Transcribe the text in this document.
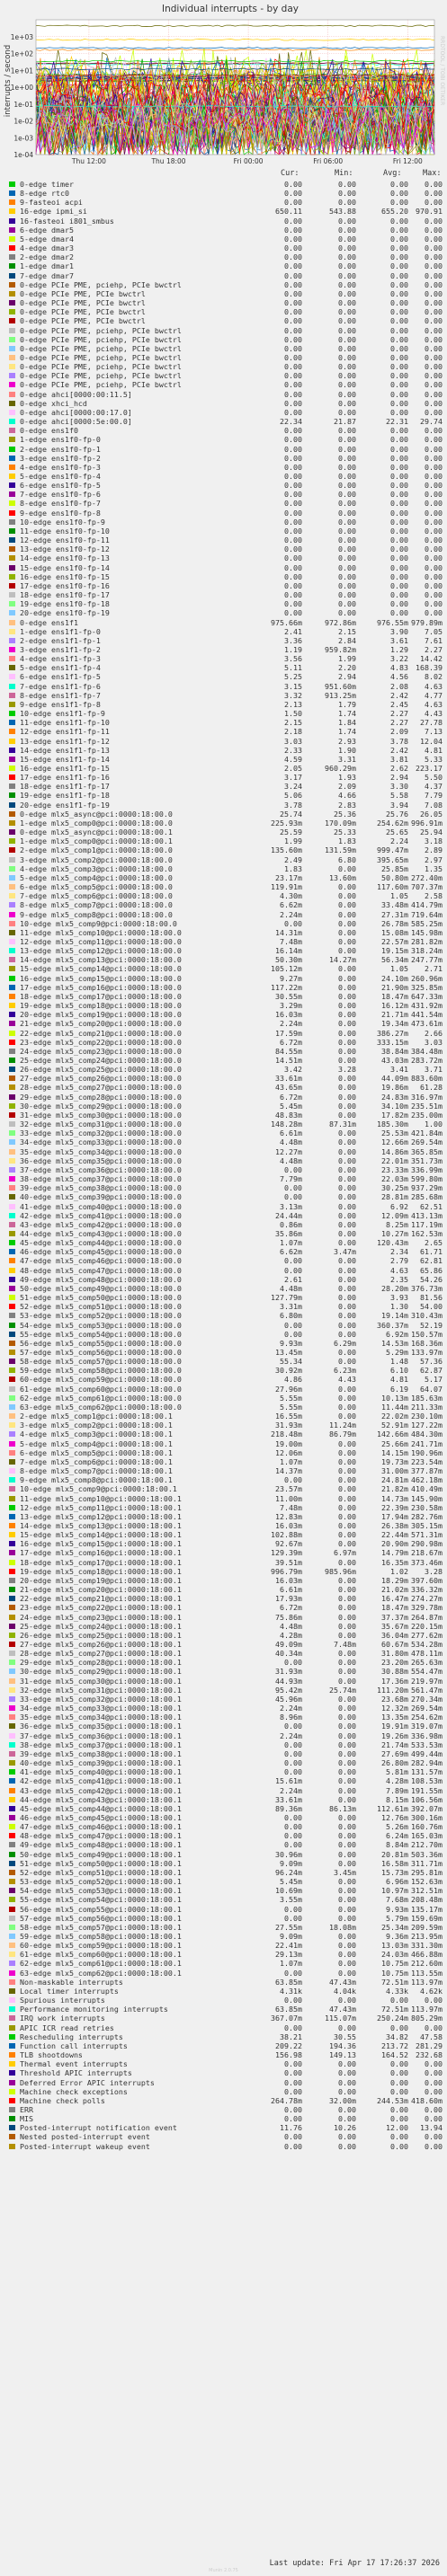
Individual interrupts - by day
interrupts / second
1e+03
1e+02
1e+01
1e+00
1e-01
1e-02
1e-03
1e-04
Thu 12:00	Thu 18:00	Fri 00:00	Fri 06:00	Fri 12:00
RRDTOOL / TOBI OETIKER
Cur:	Min:	Avg:	Max:
0-edge timer	0.00	0.00	0.00	0.00
8-edge rtc0	0.00	0.00	0.00	0.00
9-fasteoi acpi	0.00	0.00	0.00	0.00
16-edge ipmi_si	650.11	543.88	655.20 970.91
16-fasteoi i801_smbus	0.00	0.00	0.00	0.00
6-edge dmar5	0.00	0.00	0.00	0.00
5-edge dmar4	0.00	0.00	0.00	0.00
4-edge dmar3	0.00	0.00	0.00	0.00
2-edge dmar2	0.00	0.00	0.00	0.00
1-edge dmar1	0.00	0.00	0.00	0.00
7-edge dmar7	0.00	0.00	0.00	0.00
0-edge PCIe PME, pciehp, PCIe bwctrl	0.00	0.00	0.00	0.00
0-edge PCIe PME, PCIe bwctrl	0.00	0.00	0.00	0.00
0-edge PCIe PME, PCIe bwctrl	0.00	0.00	0.00	0.00
0-edge PCIe PME, PCIe bwctrl	0.00	0.00	0.00	0.00
0-edge PCIe PME, PCIe bwctrl	0.00	0.00	0.00	0.00
0-edge PCIe PME, pciehp, PCIe bwctrl	0.00	0.00	0.00	0.00
0-edge PCIe PME, pciehp, PCIe bwctrl	0.00	0.00	0.00	0.00
0-edge PCIe PME, pciehp, PCIe bwctrl	0.00	0.00	0.00	0.00
0-edge PCIe PME, pciehp, PCIe bwctrl	0.00	0.00	0.00	0.00
0-edge PCIe PME, pciehp, PCIe bwctrl	0.00	0.00	0.00	0.00
0-edge PCIe PME, pciehp, PCIe bwctrl	0.00	0.00	0.00	0.00
0-edge PCIe PME, pciehp, PCIe bwctrl	0.00	0.00	0.00	0.00
0-edge ahci[0000:00:11.5]	0.00	0.00	0.00	0.00
0-edge xhci_hcd	0.00	0.00	0.00	0.00
0-edge ahci[0000:00:17.0]	0.00	0.00	0.00	0.00
0-edge ahci[0000:5e:00.0]	22.34	21.87	22.31	29.74
0-edge ens1f0	0.00	0.00	0.00	0.00
1-edge ens1f0-fp-0	0.00	0.00	0.00	0.00
2-edge ens1f0-fp-1	0.00	0.00	0.00	0.00
3-edge ens1f0-fp-2	0.00	0.00	0.00	0.00
4-edge ens1f0-fp-3	0.00	0.00	0.00	0.00
5-edge ens1f0-fp-4	0.00	0.00	0.00	0.00
6-edge ens1f0-fp-5	0.00	0.00	0.00	0.00
7-edge ens1f0-fp-6	0.00	0.00	0.00	0.00
8-edge ens1f0-fp-7	0.00	0.00	0.00	0.00
9-edge ens1f0-fp-8	0.00	0.00	0.00	0.00
10-edge ens1f0-fp-9	0.00	0.00	0.00	0.00
11-edge ens1f0-fp-10	0.00	0.00	0.00	0.00
12-edge ens1f0-fp-11	0.00	0.00	0.00	0.00
13-edge ens1f0-fp-12	0.00	0.00	0.00	0.00
14-edge ens1f0-fp-13	0.00	0.00	0.00	0.00
15-edge ens1f0-fp-14	0.00	0.00	0.00	0.00
16-edge ens1f0-fp-15	0.00	0.00	0.00	0.00
17-edge ens1f0-fp-16	0.00	0.00	0.00	0.00
18-edge ens1f0-fp-17	0.00	0.00	0.00	0.00
19-edge ens1f0-fp-18	0.00	0.00	0.00	0.00
20-edge ens1f0-fp-19	0.00	0.00	0.00	0.00
0-edge ens1f1	975.66m	972.86m	976.55m 979.89m
1-edge ens1f1-fp-0	2.41	2.15	3.90	7.05
2-edge ens1f1-fp-1	3.36	2.84	3.61	7.61
3-edge ens1f1-fp-2	1.19	959.82m	1.29	2.27
4-edge ens1f1-fp-3	3.56	1.99	3.22	14.42
5-edge ens1f1-fp-4	5.11	2.20	4.83 168.39
6-edge ens1f1-fp-5	5.25	2.94	4.56	8.02
7-edge ens1f1-fp-6	3.15	951.60m	2.08	4.63
8-edge ens1f1-fp-7	3.32	913.25m	2.42	4.77
9-edge ens1f1-fp-8	2.13	1.79	2.45	4.63
10-edge ens1f1-fp-9	1.50	1.74	2.27	4.43
11-edge ens1f1-fp-10	2.15	1.84	2.27	27.78
12-edge ens1f1-fp-11	2.18	1.74	2.09	7.13
13-edge ens1f1-fp-12	3.03	2.93	3.78	12.04
14-edge ens1f1-fp-13	2.33	1.90	2.42	4.81
15-edge ens1f1-fp-14	4.59	3.31	3.81	5.33
16-edge ens1f1-fp-15	2.05	960.29m	2.62 223.17
17-edge ens1f1-fp-16	3.17	1.93	2.94	5.50
18-edge ens1f1-fp-17	3.24	2.09	3.30	4.37
19-edge ens1f1-fp-18	5.06	4.66	5.58	7.79
20-edge ens1f1-fp-19	3.78	2.83	3.94	7.08
0-edge mlx5_async@pci:0000:18:00.0	25.74	25.36	25.76	26.05
1-edge mlx5_comp0@pci:0000:18:00.0	225.93m	170.09m	254.62m 996.91m
0-edge mlx5_async@pci:0000:18:00.1	25.59	25.33	25.65	25.94
1-edge mlx5_comp0@pci:0000:18:00.1	1.99	1.83	2.24	3.18
2-edge mlx5_comp1@pci:0000:18:00.0	135.60m	131.59m	999.47m	2.89
3-edge mlx5_comp2@pci:0000:18:00.0	2.49	6.80	395.65m	2.97
4-edge mlx5_comp3@pci:0000:18:00.0	1.83	0.00	25.85m	1.35
5-edge mlx5_comp4@pci:0000:18:00.0	23.17m	13.60m	50.80m 272.40m
6-edge mlx5_comp5@pci:0000:18:00.0	119.91m	0.00	117.60m 707.37m
7-edge mlx5_comp6@pci:0000:18:00.0	4.30m	0.00	1.05	2.58
8-edge mlx5_comp7@pci:0000:18:00.0	6.62m	0.00	33.48m 414.79m
9-edge mlx5_comp8@pci:0000:18:00.0	2.24m	0.00	27.31m 719.64m
10-edge mlx5_comp9@pci:0000:18:00.0	0.00	0.00	26.78m 585.25m
11-edge mlx5_comp10@pci:0000:18:00.0	14.31m	0.00	15.08m 145.98m
12-edge mlx5_comp11@pci:0000:18:00.0	7.48m	0.00	22.57m 281.82m
13-edge mlx5_comp12@pci:0000:18:00.0	16.14m	0.00	19.15m 318.24m
14-edge mlx5_comp13@pci:0000:18:00.0	50.30m	14.27m	56.34m 247.77m
15-edge mlx5_comp14@pci:0000:18:00.0	105.12m	0.00	1.05	2.71
16-edge mlx5_comp15@pci:0000:18:00.0	9.27m	0.00	24.10m 260.96m
17-edge mlx5_comp16@pci:0000:18:00.0	117.22m	0.00	21.90m 325.85m
18-edge mlx5_comp17@pci:0000:18:00.0	30.55m	0.00	18.47m 647.33m
19-edge mlx5_comp18@pci:0000:18:00.0	3.29m	0.00	16.12m 431.92m
20-edge mlx5_comp19@pci:0000:18:00.0	16.03m	0.00	21.71m 441.54m
21-edge mlx5_comp20@pci:0000:18:00.0	2.24m	0.00	19.34m 473.61m
22-edge mlx5_comp21@pci:0000:18:00.0	17.59m	0.00	386.27m	2.66
23-edge mlx5_comp22@pci:0000:18:00.0	6.72m	0.00	333.15m	3.03
24-edge mlx5_comp23@pci:0000:18:00.0	84.55m	0.00	38.84m 384.48m
25-edge mlx5_comp24@pci:0000:18:00.0	14.51m	0.00	43.03m 283.72m
26-edge mlx5_comp25@pci:0000:18:00.0	3.42	3.28	3.41	3.71
27-edge mlx5_comp26@pci:0000:18:00.0	33.61m	0.00	44.09m 883.60m
28-edge mlx5_comp27@pci:0000:18:00.0	43.65m	0.00	19.86m	61.28
29-edge mlx5_comp28@pci:0000:18:00.0	6.72m	0.00	24.83m 316.97m
30-edge mlx5_comp29@pci:0000:18:00.0	5.45m	0.00	34.10m 235.51m
31-edge mlx5_comp30@pci:0000:18:00.0	48.83m	0.00	17.82m 235.00m
32-edge mlx5_comp31@pci:0000:18:00.0	148.28m	87.31m	185.30m	1.00
33-edge mlx5_comp32@pci:0000:18:00.0	6.61m	0.00	25.53m 421.84m
34-edge mlx5_comp33@pci:0000:18:00.0	4.48m	0.00	12.66m 269.54m
35-edge mlx5_comp34@pci:0000:18:00.0	12.27m	0.00	14.86m 365.85m
36-edge mlx5_comp35@pci:0000:18:00.0	4.48m	0.00	22.01m 351.73m
37-edge mlx5_comp36@pci:0000:18:00.0	0.00	0.00	23.33m 336.99m
38-edge mlx5_comp37@pci:0000:18:00.0	7.79m	0.00	22.03m 599.80m
39-edge mlx5_comp38@pci:0000:18:00.0	0.00	0.00	30.25m 937.29m
40-edge mlx5_comp39@pci:0000:18:00.0	0.00	0.00	28.81m 285.68m
41-edge mlx5_comp40@pci:0000:18:00.0	3.13m	0.00	6.92	62.51
42-edge mlx5_comp41@pci:0000:18:00.0	24.44m	0.00	12.09m 413.13m
43-edge mlx5_comp42@pci:0000:18:00.0	0.86m	0.00	8.25m 117.19m
44-edge mlx5_comp43@pci:0000:18:00.0	35.86m	0.00	10.27m 162.53m
45-edge mlx5_comp44@pci:0000:18:00.0	1.07m	0.00	120.43m	2.65
46-edge mlx5_comp45@pci:0000:18:00.0	6.62m	3.47m	2.34	61.71
47-edge mlx5_comp46@pci:0000:18:00.0	0.00	0.00	2.79	62.81
48-edge mlx5_comp47@pci:0000:18:00.0	0.00	0.00	4.63	65.86
49-edge mlx5_comp48@pci:0000:18:00.0	2.61	0.00	2.35	54.26
50-edge mlx5_comp49@pci:0000:18:00.0	4.48m	0.00	28.20m 376.73m
51-edge mlx5_comp50@pci:0000:18:00.0	127.79m	0.00	3.93	81.56
52-edge mlx5_comp51@pci:0000:18:00.0	3.31m	0.00	1.30	54.00
53-edge mlx5_comp52@pci:0000:18:00.0	6.80m	0.00	19.14m 310.43m
54-edge mlx5_comp53@pci:0000:18:00.0	0.00	0.00	360.37m	52.19
55-edge mlx5_comp54@pci:0000:18:00.0	0.00	0.00	6.92m 150.57m
56-edge mlx5_comp55@pci:0000:18:00.0	9.93m	6.29m	14.53m 168.36m
57-edge mlx5_comp56@pci:0000:18:00.0	13.45m	0.00	5.29m 133.97m
58-edge mlx5_comp57@pci:0000:18:00.0	55.34	0.00	1.48	57.36
59-edge mlx5_comp58@pci:0000:18:00.0	30.92m	6.23m	6.10	62.87
60-edge mlx5_comp59@pci:0000:18:00.0	4.86	4.43	4.81	5.17
61-edge mlx5_comp60@pci:0000:18:00.0	27.96m	0.00	6.19	64.07
62-edge mlx5_comp61@pci:0000:18:00.0	5.55m	0.00	10.13m 185.63m
63-edge mlx5_comp62@pci:0000:18:00.0	5.55m	0.00	11.44m 211.33m
2-edge mlx5_comp1@pci:0000:18:00.1	16.55m	0.00	22.02m 230.10m
3-edge mlx5_comp2@pci:0000:18:00.1	31.93m	11.24m	52.91m 127.22m
4-edge mlx5_comp3@pci:0000:18:00.1	218.48m	86.79m	142.66m 484.30m
5-edge mlx5_comp4@pci:0000:18:00.1	19.00m	0.00	25.66m 241.71m
6-edge mlx5_comp5@pci:0000:18:00.1	12.06m	0.00	14.15m 190.96m
7-edge mlx5_comp6@pci:0000:18:00.1	1.07m	0.00	19.73m 223.54m
8-edge mlx5_comp7@pci:0000:18:00.1	14.37m	0.00	31.00m 377.87m
9-edge mlx5_comp8@pci:0000:18:00.1	0.00	0.00	24.81m 462.18m
10-edge mlx5_comp9@pci:0000:18:00.1	23.57m	0.00	21.82m 410.49m
11-edge mlx5_comp10@pci:0000:18:00.1	11.00m	0.00	14.73m 145.90m
12-edge mlx5_comp11@pci:0000:18:00.1	7.48m	0.00	22.39m 230.58m
13-edge mlx5_comp12@pci:0000:18:00.1	12.83m	0.00	17.94m 282.76m
14-edge mlx5_comp13@pci:0000:18:00.1	16.03m	0.00	26.38m 305.15m
15-edge mlx5_comp14@pci:0000:18:00.1	102.88m	0.00	22.44m 571.31m
16-edge mlx5_comp15@pci:0000:18:00.1	92.67m	0.00	20.90m 290.98m
17-edge mlx5_comp16@pci:0000:18:00.1	129.39m	6.97m	14.79m 218.67m
18-edge mlx5_comp17@pci:0000:18:00.1	39.51m	0.00	16.35m 373.46m
19-edge mlx5_comp18@pci:0000:18:00.1	996.79m	985.96m	1.02	3.28
20-edge mlx5_comp19@pci:0000:18:00.1	16.03m	0.00	18.29m 397.60m
21-edge mlx5_comp20@pci:0000:18:00.1	6.61m	0.00	21.02m 336.32m
22-edge mlx5_comp21@pci:0000:18:00.1	17.93m	0.00	16.47m 274.27m
23-edge mlx5_comp22@pci:0000:18:00.1	6.72m	0.00	18.47m 329.78m
24-edge mlx5_comp23@pci:0000:18:00.1	75.86m	0.00	37.37m 264.87m
25-edge mlx5_comp24@pci:0000:18:00.1	4.48m	0.00	35.67m 220.15m
26-edge mlx5_comp25@pci:0000:18:00.1	4.28m	0.00	36.04m 277.62m
27-edge mlx5_comp26@pci:0000:18:00.1	49.09m	7.48m	60.67m 534.28m
28-edge mlx5_comp27@pci:0000:18:00.1	40.34m	0.00	31.80m 478.11m
29-edge mlx5_comp28@pci:0000:18:00.1	0.00	0.00	23.20m 265.63m
30-edge mlx5_comp29@pci:0000:18:00.1	31.93m	0.00	30.88m 554.47m
31-edge mlx5_comp30@pci:0000:18:00.1	44.93m	0.00	17.36m 219.97m
32-edge mlx5_comp31@pci:0000:18:00.1	95.42m	25.74m	111.20m 561.47m
33-edge mlx5_comp32@pci:0000:18:00.1	45.96m	0.00	23.68m 270.34m
34-edge mlx5_comp33@pci:0000:18:00.1	2.24m	0.00	12.32m 269.54m
35-edge mlx5_comp34@pci:0000:18:00.1	8.96m	0.00	13.35m 254.62m
36-edge mlx5_comp35@pci:0000:18:00.1	0.00	0.00	19.91m 319.07m
37-edge mlx5_comp36@pci:0000:18:00.1	2.24m	0.00	19.26m 336.98m
38-edge mlx5_comp37@pci:0000:18:00.1	0.00	0.00	21.74m 533.53m
39-edge mlx5_comp38@pci:0000:18:00.1	0.00	0.00	27.69m 499.44m
40-edge mlx5_comp39@pci:0000:18:00.1	0.00	0.00	26.80m 282.94m
41-edge mlx5_comp40@pci:0000:18:00.1	0.00	0.00	5.81m 131.57m
42-edge mlx5_comp41@pci:0000:18:00.1	15.61m	0.00	4.28m 108.53m
43-edge mlx5_comp42@pci:0000:18:00.1	2.24m	0.00	7.89m 191.55m
44-edge mlx5_comp43@pci:0000:18:00.1	33.61m	0.00	8.15m 106.56m
45-edge mlx5_comp44@pci:0000:18:00.1	89.36m	86.13m	112.61m 392.07m
46-edge mlx5_comp45@pci:0000:18:00.1	0.00	0.00	12.76m 300.16m
47-edge mlx5_comp46@pci:0000:18:00.1	0.00	0.00	5.26m 160.76m
48-edge mlx5_comp47@pci:0000:18:00.1	0.00	0.00	6.24m 165.03m
49-edge mlx5_comp48@pci:0000:18:00.1	0.00	0.00	8.84m 212.70m
50-edge mlx5_comp49@pci:0000:18:00.1	30.96m	0.00	20.81m 503.36m
51-edge mlx5_comp50@pci:0000:18:00.1	9.09m	0.00	16.58m 311.71m
52-edge mlx5_comp51@pci:0000:18:00.1	96.24m	3.45m	15.73m 295.81m
53-edge mlx5_comp52@pci:0000:18:00.1	5.45m	0.00	6.96m 152.63m
54-edge mlx5_comp53@pci:0000:18:00.1	10.69m	0.00	10.97m 312.51m
55-edge mlx5_comp54@pci:0000:18:00.1	3.55m	0.00	7.68m 208.48m
56-edge mlx5_comp55@pci:0000:18:00.1	0.00	0.00	9.93m 135.17m
57-edge mlx5_comp56@pci:0000:18:00.1	0.00	0.00	5.79m 159.69m
58-edge mlx5_comp57@pci:0000:18:00.1	27.55m	18.08m	25.34m 209.59m
59-edge mlx5_comp58@pci:0000:18:00.1	9.09m	0.00	9.36m 213.95m
60-edge mlx5_comp59@pci:0000:18:00.1	22.41m	0.00	13.03m 331.30m
61-edge mlx5_comp60@pci:0000:18:00.1	29.13m	0.00	24.03m 466.88m
62-edge mlx5_comp61@pci:0000:18:00.1	1.07m	0.00	10.75m 212.60m
63-edge mlx5_comp62@pci:0000:18:00.1	0.00	0.00	10.75m 113.55m
Non-maskable interrupts	63.85m	47.43m	72.51m 113.97m
Local timer interrupts	4.31k	4.04k	4.33k	4.62k
Spurious interrupts	0.00	0.00	0.00	0.00
Performance monitoring interrupts	63.85m	47.43m	72.51m 113.97m
IRQ work interrupts	367.07m	115.07m	250.24m 805.29m
APIC ICR read retries	0.00	0.00	0.00	0.00
Rescheduling interrupts	38.21	30.55	34.82	47.58
Function call interrupts	209.22	194.36	213.72 281.29
TLB shootdowns	156.98	149.13	164.52 232.68
Thermal event interrupts	0.00	0.00	0.00	0.00
Threshold APIC interrupts	0.00	0.00	0.00	0.00
Deferred Error APIC interrupts	0.00	0.00	0.00	0.00
Machine check exceptions	0.00	0.00	0.00	0.00
Machine check polls	264.78m	32.00m	244.53m 418.60m
ERR	0.00	0.00	0.00	0.00
MIS	0.00	0.00	0.00	0.00
Posted-interrupt notification event	11.76	10.26	12.00	13.94
Nested posted-interrupt event	0.00	0.00	0.00	0.00
Posted-interrupt wakeup event	0.00	0.00	0.00	0.00
Last update: Fri Apr 17 17:26:37 2026
Munin 2.0.75
